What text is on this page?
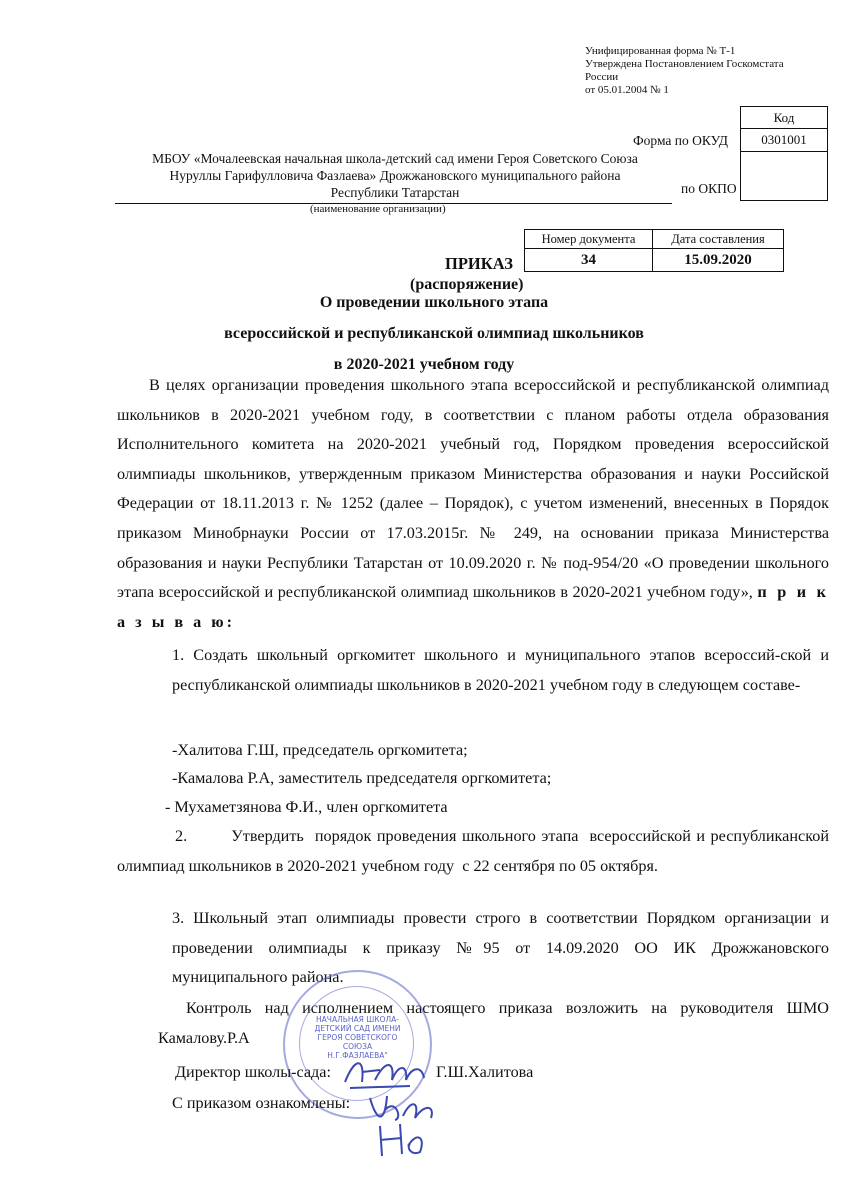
Унифицированная форма № Т-1
Утверждена Постановлением Госкомстата
России
от 05.01.2004 № 1
Код
0301001
Форма по ОКУД
по ОКПО
МБОУ «Мочалеевская начальная школа-детский сад имени Героя Советского Союза
Нуруллы Гарифулловича Фазлаева» Дрожжановского муниципального района
Республики Татарстан
(наименование организации)
Номер документа	Дата составления
34	15.09.2020
ПРИКАЗ
(распоряжение)
О проведении школьного этапа
всероссийской и республиканской олимпиад школьников
в 2020-2021 учебном году
В целях организации проведения школьного этапа всероссийской и республиканской олимпиад школьников в 2020-2021 учебном году, в соответствии с планом работы отдела образования Исполнительного комитета на 2020-2021 учебный год, Порядком проведения всероссийской олимпиады школьников, утвержденным приказом Министерства образования и науки Российской Федерации от 18.11.2013 г. № 1252 (далее – Порядок), с учетом изменений, внесенных в Порядок приказом Минобрнауки России от 17.03.2015г. № 249, на основании приказа Министерства образования и науки Республики Татарстан от 10.09.2020 г. № под-954/20 «О проведении школьного этапа всероссийской и республиканской олимпиад школьников в 2020-2021 учебном году», п р и к а з ы в а ю:
1. Создать школьный оргкомитет школьного и муниципального этапов всероссий-ской и республиканской олимпиады школьников в 2020-2021 учебном году в следующем составе-
-Халитова Г.Ш, председатель оргкомитета;
-Камалова Р.А, заместитель председателя оргкомитета;
- Мухаметзянова Ф.И., член оргкомитета
2.        Утвердить  порядок проведения школьного этапа  всероссийской и республиканской олимпиад школьников в 2020-2021 учебном году  с 22 сентября по 05 октября.
3. Школьный этап олимпиады провести строго в соответствии Порядком организации и проведении олимпиады к приказу №95 от 14.09.2020 ОО ИК Дрожжановского муниципального района.
Контроль над исполнением настоящего приказа возложить на руководителя ШМО Камалову.Р.А
НАЧАЛЬНАЯ ШКОЛА-
ДЕТСКИЙ САД ИМЕНИ
ГЕРОЯ СОВЕТСКОГО
СОЮЗА
Н.Г.ФАЗЛАЕВА"
Директор школы-сада:	Г.Ш.Халитова
С приказом ознакомлены:
